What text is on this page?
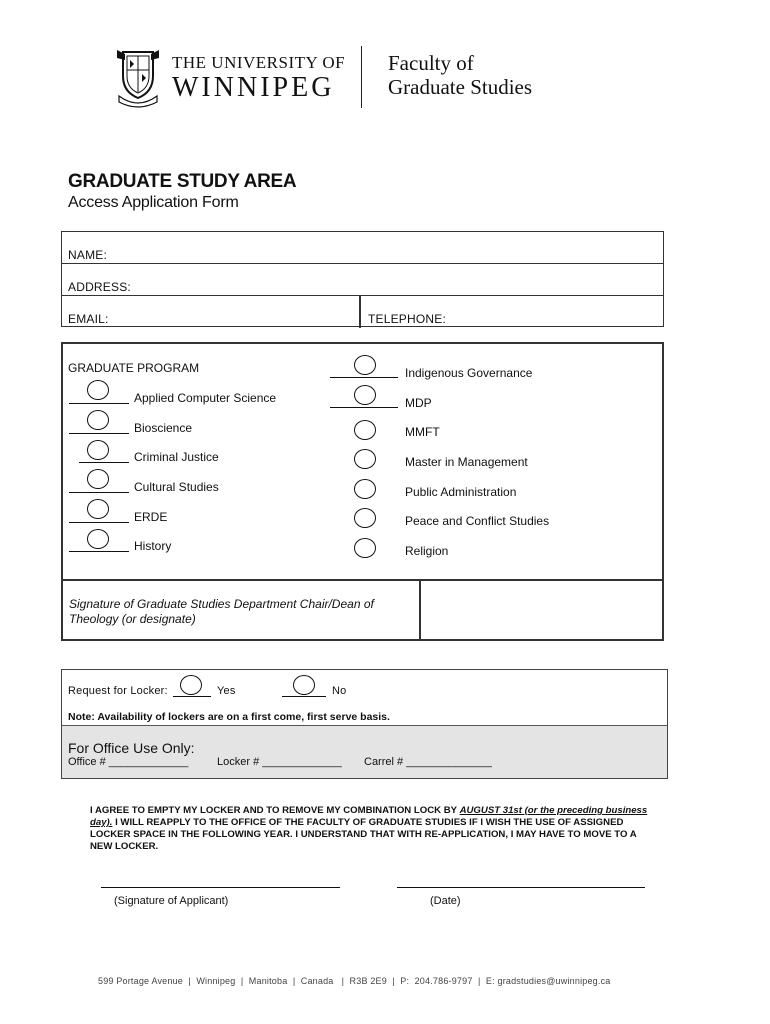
THE UNIVERSITY OF
WINNIPEG
Faculty of
Graduate Studies
GRADUATE STUDY AREA
Access Application Form
NAME:
ADDRESS:
EMAIL:	TELEPHONE:
GRADUATE PROGRAM
Applied Computer Science
Bioscience
Criminal Justice
Cultural Studies
ERDE
History
Indigenous Governance
MDP
MMFT
Master in Management
Public Administration
Peace and Conflict Studies
Religion
Signature of Graduate Studies Department Chair/Dean of Theology (or designate)
Request for Locker:	Yes	No
Note: Availability of lockers are on a first come, first serve basis.
For Office Use Only:
Office # _____________	Locker # _____________ Carrel # ______________
I AGREE TO EMPTY MY LOCKER AND TO REMOVE MY COMBINATION LOCK BY AUGUST 31st (or the preceding business day). I WILL REAPPLY TO THE OFFICE OF THE FACULTY OF GRADUATE STUDIES IF I WISH THE USE OF ASSIGNED LOCKER SPACE IN THE FOLLOWING YEAR. I UNDERSTAND THAT WITH RE-APPLICATION, I MAY HAVE TO MOVE TO A NEW LOCKER.
(Signature of Applicant)	(Date)
599 Portage Avenue  |  Winnipeg  |  Manitoba  |  Canada   |  R3B 2E9  |  P:  204.786-9797  |  E: gradstudies@uwinnipeg.ca
